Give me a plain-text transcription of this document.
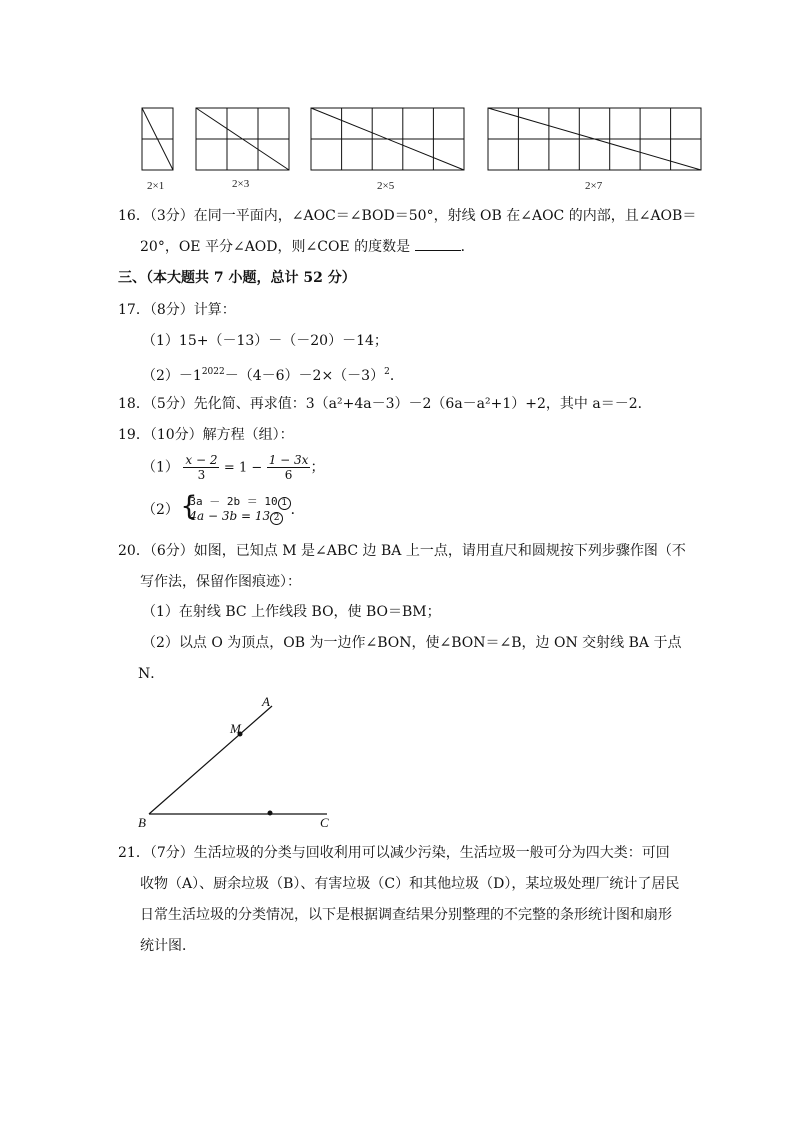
2×1	2×3	2×5	2×7
16．（3分）在同一平面内，∠AOC＝∠BOD＝50°，射线 OB 在∠AOC 的内部，且∠AOB＝
20°，OE 平分∠AOD，则∠COE 的度数是	．
三、（本大题共 7 小题，总计 52 分）
17．（8分）计算：
（1）15+（－13）－（－20）－14；
$(2)-1^{2022}-(4-6)-2\times(-3)^2$．
18．（5分）先化简、再求值：3（a²+4a－3）－2（6a－a²+1）+2，其中 a＝－2．
19．（10分）解方程（组）：
$(1) \frac{x - 2}{3} = 1 - \frac{1 - 3x}{6}$ ；
（2）
{ 3a － 2b ＝ 10 1
4a − 3b = 13 2 ．
20．（6分）如图，已知点 M 是∠ABC 边 BA 上一点，请用直尺和圆规按下列步骤作图（不
写作法，保留作图痕迹）：
（1）在射线 BC 上作线段 BO，使 BO＝BM；
（2）以点 O 为顶点，OB 为一边作∠BON，使∠BON＝∠B，边 ON 交射线 BA 于点
N．
A
M
B	C
21．（7分）生活垃圾的分类与回收利用可以减少污染，生活垃圾一般可分为四大类：可回
收物（A）、厨余垃圾（B）、有害垃圾（C）和其他垃圾（D），某垃圾处理厂统计了居民
日常生活垃圾的分类情况，以下是根据调查结果分别整理的不完整的条形统计图和扇形
统计图．
